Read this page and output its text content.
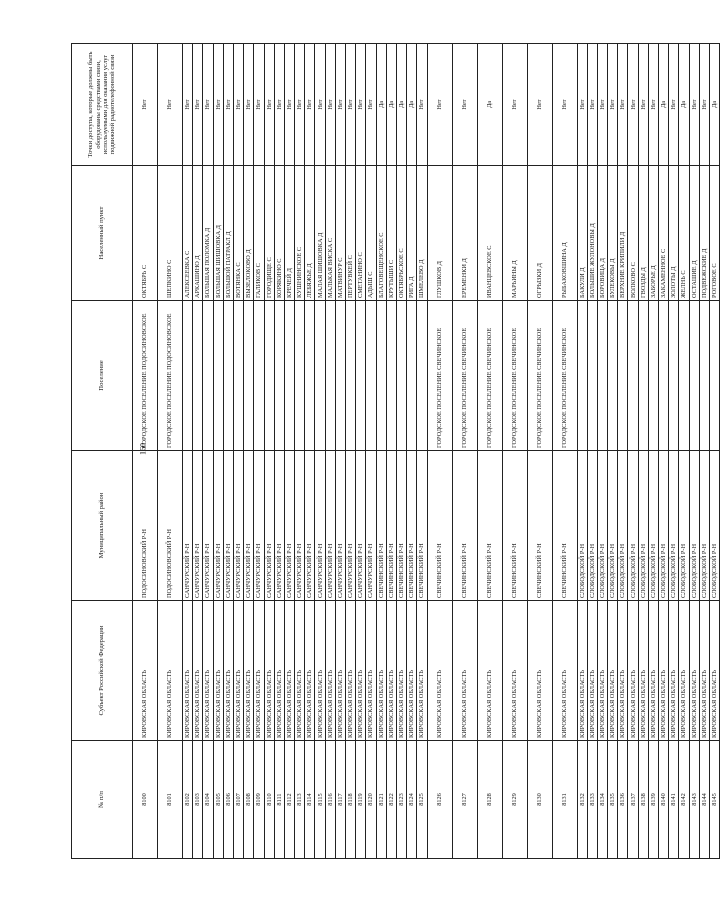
160
№ п/п	Субъект Российской Федерации	Муниципальный район	Поселение	Населенный пункт	Точки доступа, которые должны быть оборудованы средствами связи, используемыми для оказания услуг подвижной радиотелефонной связи
8100	КИРОВСКАЯ ОБЛАСТЬ	ПОДОСИНОВСКИЙ Р-Н	ГОРОДСКОЕ ПОСЕЛЕНИЕ ПОДОСИНОВСКОЕ	ОКТЯБРЬ С	Нет
8101	КИРОВСКАЯ ОБЛАСТЬ	ПОДОСИНОВСКИЙ Р-Н	ГОРОДСКОЕ ПОСЕЛЕНИЕ ПОДОСИНОВСКОЕ	ШЕПКИНО С	Нет
8102	КИРОВСКАЯ ОБЛАСТЬ	САНЧУРСКИЙ Р-Н		АЛЕКСЕЕВКА С	Нет
8103	КИРОВСКАЯ ОБЛАСТЬ	САНЧУРСКИЙ Р-Н		АРКАШИНО Д	Нет
8104	КИРОВСКАЯ ОБЛАСТЬ	САНЧУРСКИЙ Р-Н		БОЛЬШАЯ ПОЛОМКА Д	Нет
8105	КИРОВСКАЯ ОБЛАСТЬ	САНЧУРСКИЙ Р-Н		БОЛЬШАЯ ШИШОВКА Д	Нет
8106	КИРОВСКАЯ ОБЛАСТЬ	САНЧУРСКИЙ Р-Н		БОЛЬШОЙ ПАТРАКЛ Д	Нет
8107	КИРОВСКАЯ ОБЛАСТЬ	САНЧУРСКИЙ Р-Н		ВОТЯНКА С	Нет
8108	КИРОВСКАЯ ОБЛАСТЬ	САНЧУРСКИЙ Р-Н		ВЫЗЕЛОКОВО Д	Нет
8109	КИРОВСКАЯ ОБЛАСТЬ	САНЧУРСКИЙ Р-Н		ГАЛИКОВ С	Нет
8110	КИРОВСКАЯ ОБЛАСТЬ	САНЧУРСКИЙ Р-Н		ГОРОДИЩЕ С	Нет
8111	КИРОВСКАЯ ОБЛАСТЬ	САНЧУРСКИЙ Р-Н		КОРЯКИНО С	Нет
8112	КИРОВСКАЯ ОБЛАСТЬ	САНЧУРСКИЙ Р-Н		КРЕЧЕЙ Д	Нет
8113	КИРОВСКАЯ ОБЛАСТЬ	САНЧУРСКИЙ Р-Н		КУШНИНСКОЕ С	Нет
8114	КИРОВСКАЯ ОБЛАСТЬ	САНЧУРСКИЙ Р-Н		ЛЕБЯЖЬЕ Д	Нет
8115	КИРОВСКАЯ ОБЛАСТЬ	САНЧУРСКИЙ Р-Н		МАЛАЯ ШИШОВКА Д	Нет
8116	КИРОВСКАЯ ОБЛАСТЬ	САНЧУРСКИЙ Р-Н		МАЛЬКАЯ ВИСКА С	Нет
8117	КИРОВСКАЯ ОБЛАСТЬ	САНЧУРСКИЙ Р-Н		МАТВИНУР С	Нет
8118	КИРОВСКАЯ ОБЛАСТЬ	САНЧУРСКИЙ Р-Н		ПЕРТУВКЕЙ С	Нет
8119	КИРОВСКАЯ ОБЛАСТЬ	САНЧУРСКИЙ Р-Н		СМЕТАНИНО С	Нет
8120	КИРОВСКАЯ ОБЛАСТЬ	САНЧУРСКИЙ Р-Н		АДЫШ С	Нет
8121	КИРОВСКАЯ ОБЛАСТЬ	СВЕЧИНСКИЙ Р-Н		БЛАГОВЕЩЕНСКОЕ С	Да
8122	КИРОВСКАЯ ОБЛАСТЬ	СВЕЧИНСКИЙ Р-Н		КРУТЫШИ С	Да
8123	КИРОВСКАЯ ОБЛАСТЬ	СВЕЧИНСКИЙ Р-Н		ОКТЯБРЬСКОЕ С	Да
8124	КИРОВСКАЯ ОБЛАСТЬ	СВЕЧИНСКИЙ Р-Н		РИГА Д	Да
8125	КИРОВСКАЯ ОБЛАСТЬ	СВЕЧИНСКИЙ Р-Н		ШМЕЛЕВО Д	Нет
8126	КИРОВСКАЯ ОБЛАСТЬ	СВЕЧИНСКИЙ Р-Н	ГОРОДСКОЕ ПОСЕЛЕНИЕ СВЕЧИНСКОЕ	ГЛУШКОВ Д	Нет
8127	КИРОВСКАЯ ОБЛАСТЬ	СВЕЧИНСКИЙ Р-Н	ГОРОДСКОЕ ПОСЕЛЕНИЕ СВЕЧИНСКОЕ	ЕРЕМЕНКИ Д	Нет
8128	КИРОВСКАЯ ОБЛАСТЬ	СВЕЧИНСКИЙ Р-Н	ГОРОДСКОЕ ПОСЕЛЕНИЕ СВЕЧИНСКОЕ	ИВАНЦЕВСКОЕ С	Да
8129	КИРОВСКАЯ ОБЛАСТЬ	СВЕЧИНСКИЙ Р-Н	ГОРОДСКОЕ ПОСЕЛЕНИЕ СВЕЧИНСКОЕ	МАРЬИНЫ Д	Нет
8130	КИРОВСКАЯ ОБЛАСТЬ	СВЕЧИНСКИЙ Р-Н	ГОРОДСКОЕ ПОСЕЛЕНИЕ СВЕЧИНСКОЕ	ОГРЫЗКИ Д	Нет
8131	КИРОВСКАЯ ОБЛАСТЬ	СВЕЧИНСКИЙ Р-Н	ГОРОДСКОЕ ПОСЕЛЕНИЕ СВЕЧИНСКОЕ	РЫБАКОВШИНА Д	Нет
8132	КИРОВСКАЯ ОБЛАСТЬ	СЛОБОДСКОЙ Р-Н		БАКУЛИ Д	Нет
8133	КИРОВСКАЯ ОБЛАСТЬ	СЛОБОДСКОЙ Р-Н		БОЛЬШИЕ ЖУЛОНОВЫ Д	Нет
8134	КИРОВСКАЯ ОБЛАСТЬ	СЛОБОДСКОЙ Р-Н		БОРОВИЦА Д	Нет
8135	КИРОВСКАЯ ОБЛАСТЬ	СЛОБОДСКОЙ Р-Н		БУЛЕКОВЫ Д	Нет
8136	КИРОВСКАЯ ОБЛАСТЬ	СЛОБОДСКОЙ Р-Н		ВЕРХНИЕ КРИПИЛИ Д	Нет
8137	КИРОВСКАЯ ОБЛАСТЬ	СЛОБОДСКОЙ Р-Н		ВОЛКОВО С	Нет
8138	КИРОВСКАЯ ОБЛАСТЬ	СЛОБОДСКОЙ Р-Н		ГВОЗДЫ Д	Нет
8139	КИРОВСКАЯ ОБЛАСТЬ	СЛОБОДСКОЙ Р-Н		ЗАБОРЬЕ Д	Нет
8140	КИРОВСКАЯ ОБЛАСТЬ	СЛОБОДСКОЙ Р-Н		ЗАКАМЕННОЕ С	Да
8141	КИРОВСКАЯ ОБЛАСТЬ	СЛОБОДСКОЙ Р-Н		ЗОЛОТЫ Д	Нет
8142	КИРОВСКАЯ ОБЛАСТЬ	СЛОБОДСКОЙ Р-Н		ЖЕЛНЬ С	Да
8143	КИРОВСКАЯ ОБЛАСТЬ	СЛОБОДСКОЙ Р-Н		ОСТАШИЕ Д	Нет
8144	КИРОВСКАЯ ОБЛАСТЬ	СЛОБОДСКОЙ Р-Н		ПОДВЕЖСКИЕ Д	Нет
8145	КИРОВСКАЯ ОБЛАСТЬ	СЛОБОДСКОЙ Р-Н		РОГОВОЕ С	Да
